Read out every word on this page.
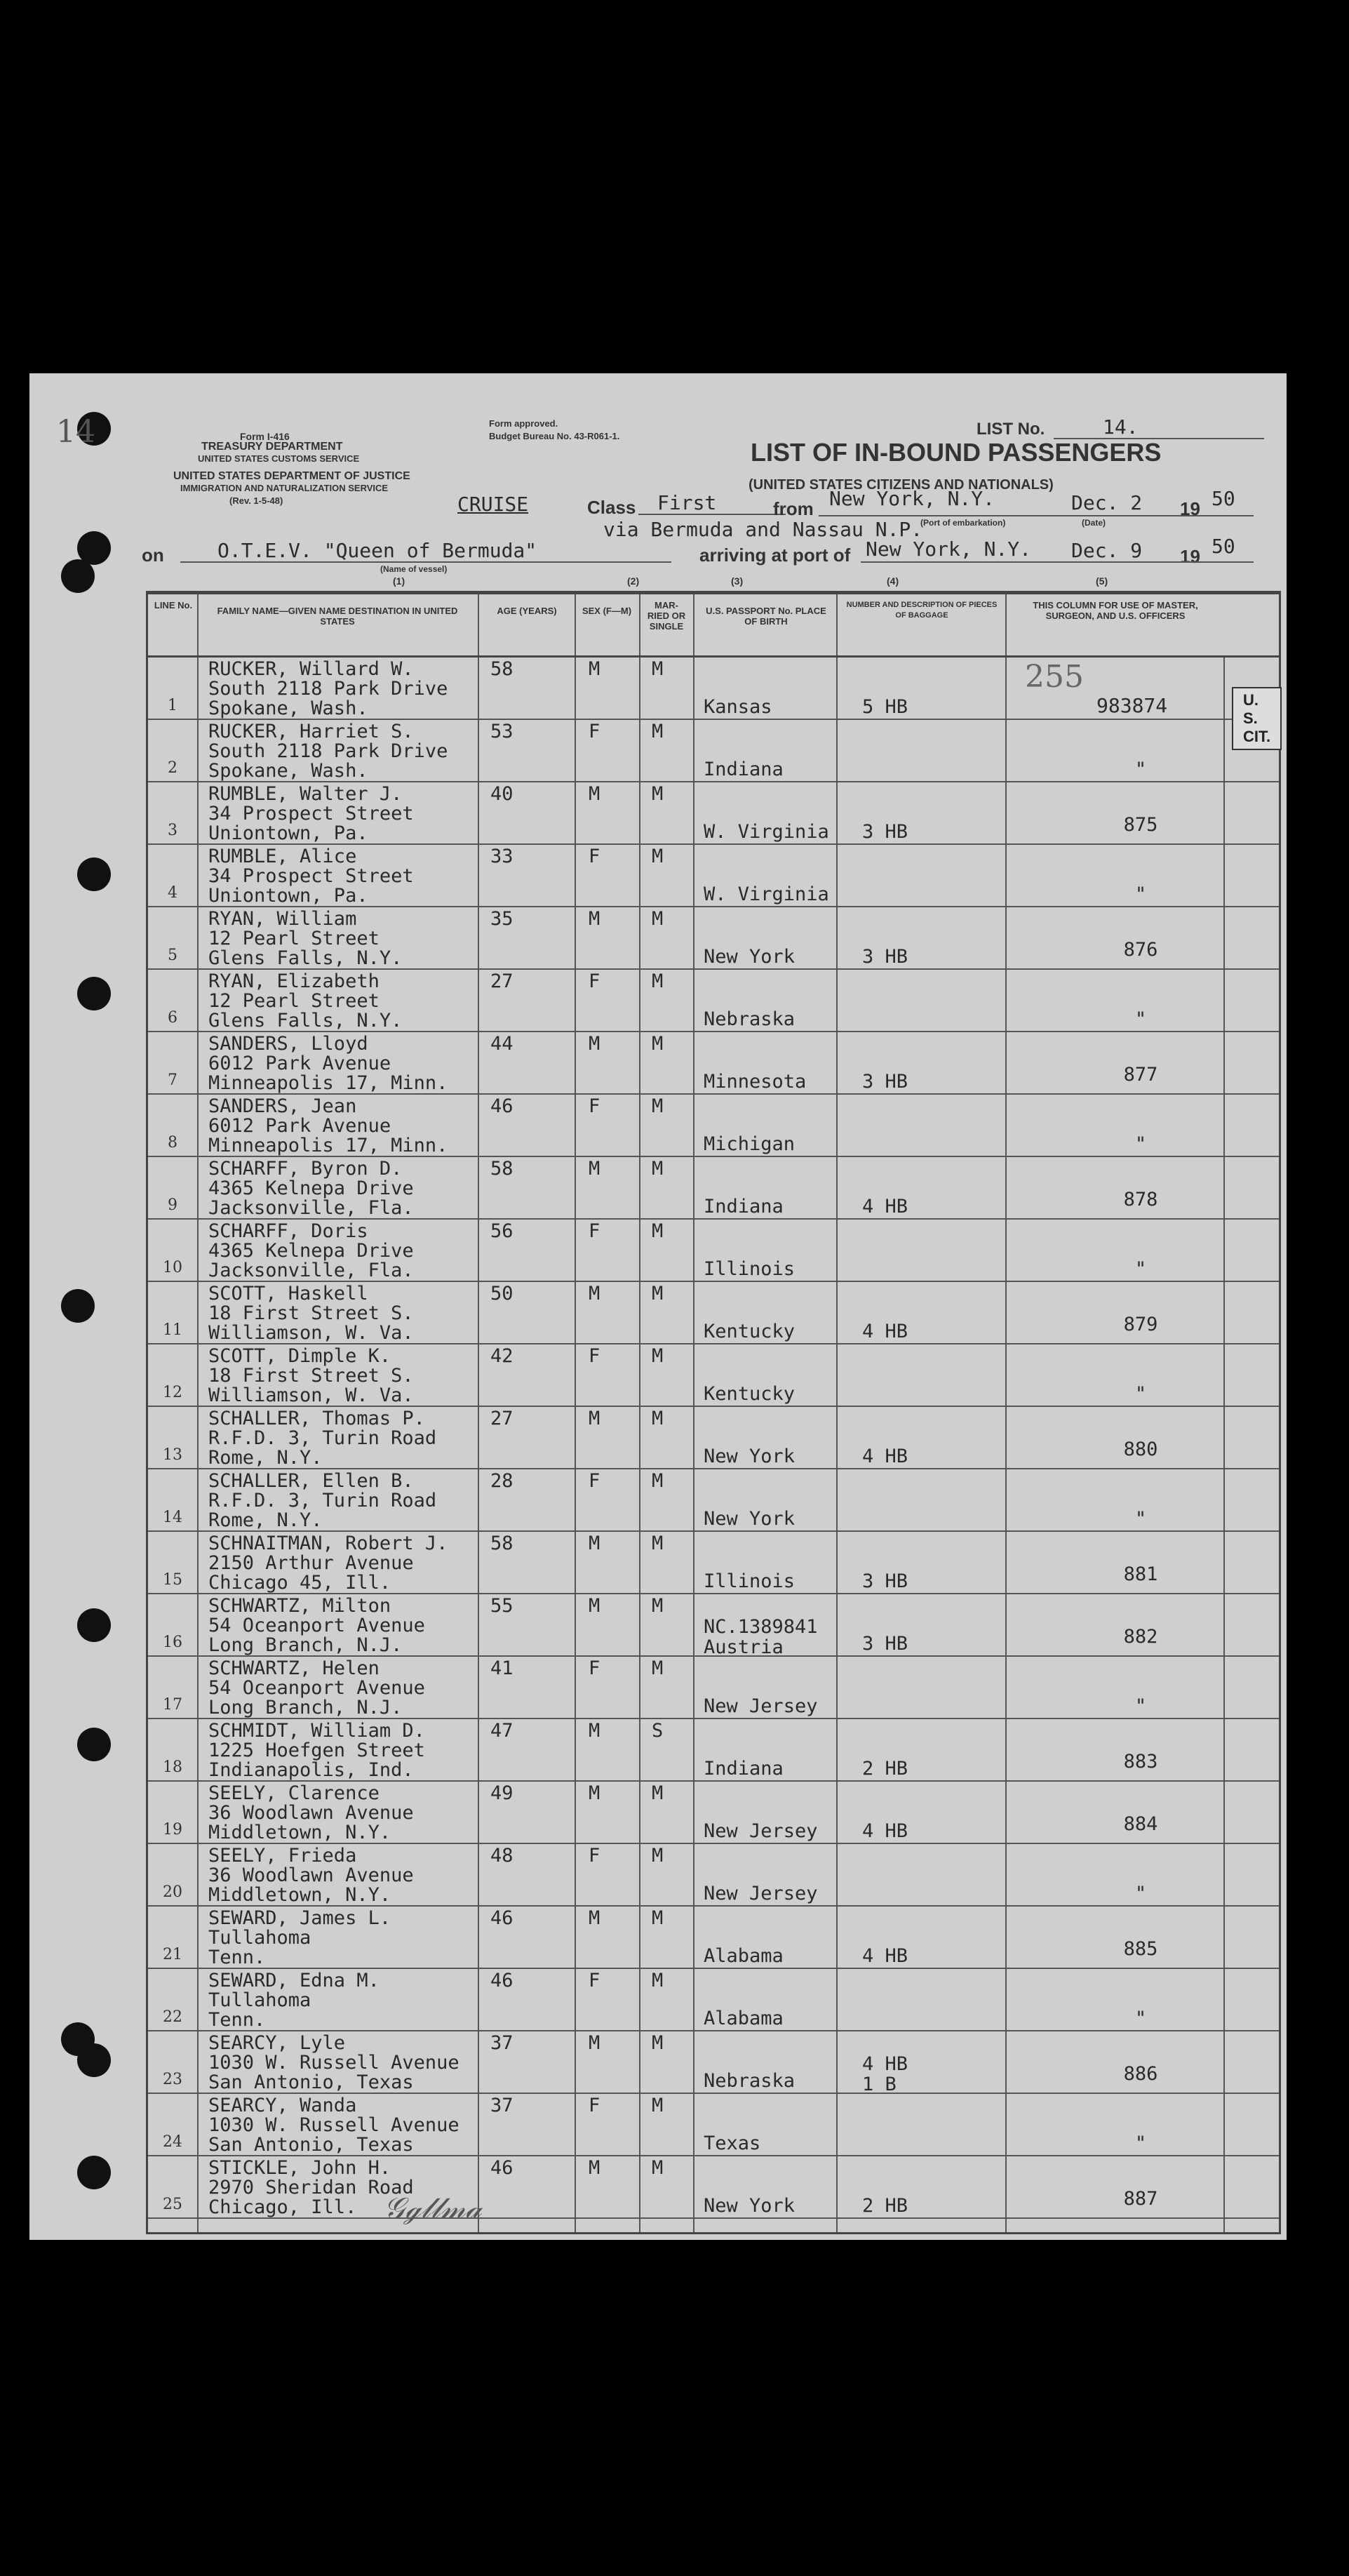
14	Form I-416
TREASURY DEPARTMENT
UNITED STATES CUSTOMS SERVICE
UNITED STATES DEPARTMENT OF JUSTICE
IMMIGRATION AND NATURALIZATION SERVICE
(Rev. 1-5-48)
Form approved.
Budget Bureau No. 43-R061-1.	LIST No.	14.
LIST OF IN-BOUND PASSENGERS
(UNITED STATES CITIZENS AND NATIONALS)
CRUISE	Class First	from New York, N.Y.	Dec. 2 19 50
via Bermuda and Nassau N.P.
(Port of embarkation)	(Date)
on	O.T.E.V. "Queen of Bermuda"
(Name of vessel)
arriving at port of New York, N.Y. Dec. 9 19 50
(1)	(2)	(3)	(4)	(5)
LINE No.
FAMILY NAME—GIVEN NAME DESTINATION IN UNITED STATES
AGE (YEARS)	SEX (F—M)
MAR- RIED OR SINGLE
U.S. PASSPORT No. PLACE OF BIRTH
NUMBER AND DESCRIPTION OF PIECES OF BAGGAGE
THIS COLUMN FOR USE OF MASTER, SURGEON, AND U.S. OFFICERS
1
RUCKER, Willard W.
South 2118 Park Drive
Spokane, Wash.
58	M	M
Kansas	5 HB
2
RUCKER, Harriet S.
South 2118 Park Drive
Spokane, Wash.
53	F	M
Indiana	"
3
RUMBLE, Walter J.
34 Prospect Street
Uniontown, Pa.
40	M	M
W. Virginia 3 HB	875
4
RUMBLE, Alice
34 Prospect Street
Uniontown, Pa.
33	F	M
W. Virginia	"
5
RYAN, William
12 Pearl Street
Glens Falls, N.Y.
35	M	M
New York	3 HB	876
6
RYAN, Elizabeth
12 Pearl Street
Glens Falls, N.Y.
27	F	M
Nebraska	"
7
SANDERS, Lloyd
6012 Park Avenue
Minneapolis 17, Minn.
44	M	M
Minnesota	3 HB	877
8
SANDERS, Jean
6012 Park Avenue
Minneapolis 17, Minn.
46	F	M
Michigan	"
9
SCHARFF, Byron D.
4365 Kelnepa Drive
Jacksonville, Fla.
58	M	M
Indiana	4 HB	878
10
SCHARFF, Doris
4365 Kelnepa Drive
Jacksonville, Fla.
56	F	M
Illinois	"
11
SCOTT, Haskell
18 First Street S.
Williamson, W. Va.
50	M	M
Kentucky	4 HB	879
12
SCOTT, Dimple K.
18 First Street S.
Williamson, W. Va.
42	F	M
Kentucky	"
13
SCHALLER, Thomas P.
R.F.D. 3, Turin Road
Rome, N.Y.
27	M	M
New York	4 HB	880
14
SCHALLER, Ellen B.
R.F.D. 3, Turin Road
Rome, N.Y.
28	F	M
New York	"
15
SCHNAITMAN, Robert J.
2150 Arthur Avenue
Chicago 45, Ill.
58	M	M
Illinois	3 HB	881
16
SCHWARTZ, Milton
54 Oceanport Avenue
Long Branch, N.J.
55	M	M
NC.1389841
Austria	3 HB	882
17
SCHWARTZ, Helen
54 Oceanport Avenue
Long Branch, N.J.
41	F	M
New Jersey	"
18
SCHMIDT, William D.
1225 Hoefgen Street
Indianapolis, Ind.
47	M	S
Indiana	2 HB	883
19
SEELY, Clarence
36 Woodlawn Avenue
Middletown, N.Y.
49	M	M
New Jersey 4 HB	884
20
SEELY, Frieda
36 Woodlawn Avenue
Middletown, N.Y.
48	F	M
New Jersey	"
21
SEWARD, James L.
Tullahoma
Tenn.
46	M	M
Alabama	4 HB	885
22
SEWARD, Edna M.
Tullahoma
Tenn.
46	F	M
Alabama	"
23
SEARCY, Lyle
1030 W. Russell Avenue
San Antonio, Texas
37	M	M
Nebraska
4 HB
1 B	886
24
SEARCY, Wanda
1030 W. Russell Avenue
San Antonio, Texas
37	F	M
Texas	"
25
STICKLE, John H.
2970 Sheridan Road
Chicago, Ill.
46	M	M
New York	2 HB	887
255
983874	U. S. CIT.
𝒢ℊ𝓁𝓁𝓂𝒶
